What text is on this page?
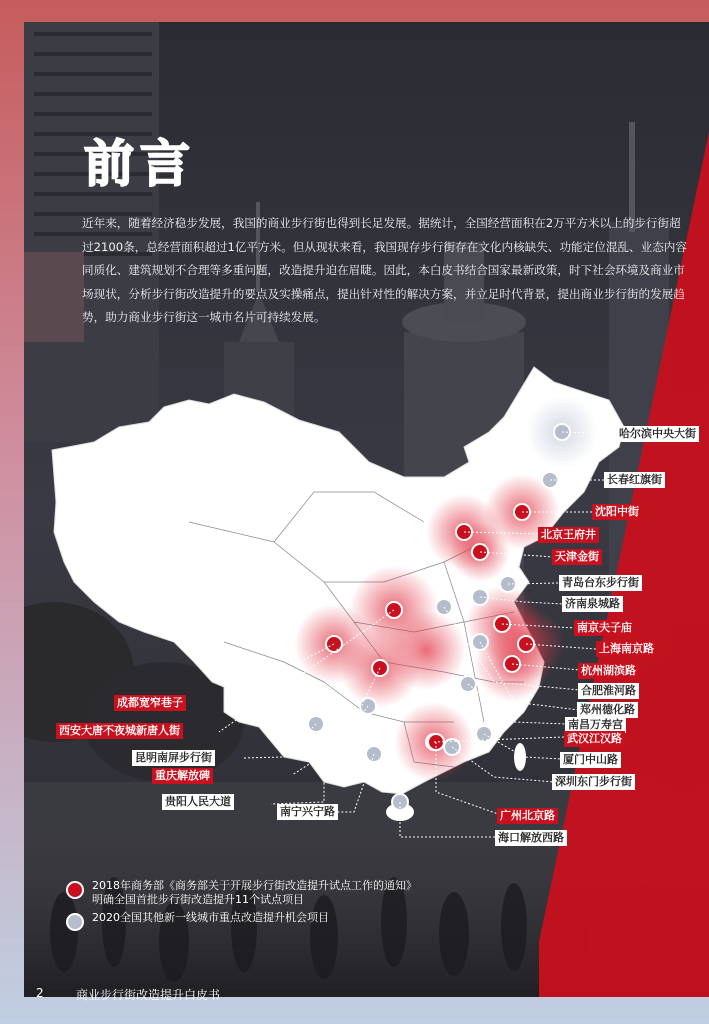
前言
近年来，随着经济稳步发展，我国的商业步行街也得到长足发展。据统计，全国经营面积在2万平方米以上的步行街超过2100条，总经营面积超过1亿平方米。但从现状来看，我国现存步行街存在文化内核缺失、功能定位混乱、业态内容同质化、建筑规划不合理等多重问题，改造提升迫在眉睫。因此，本白皮书结合国家最新政策，时下社会环境及商业市场现状，分析步行街改造提升的要点及实操痛点，提出针对性的解决方案，并立足时代背景，提出商业步行街的发展趋势，助力商业步行街这一城市名片可持续发展。
哈尔滨中央大街
长春红旗街
沈阳中街
北京王府井
天津金街
青岛台东步行街
济南泉城路
南京夫子庙
上海南京路
杭州湖滨路
合肥淮河路
郑州德化路
南昌万寿宫
武汉江汉路
厦门中山路
深圳东门步行街
广州北京路
海口解放西路
成都宽窄巷子
西安大唐不夜城新唐人街
昆明南屏步行街
重庆解放碑
贵阳人民大道
南宁兴宁路
2018年商务部《商务部关于开展步行街改造提升试点工作的通知》
明确全国首批步行街改造提升11个试点项目
2020全国其他新一线城市重点改造提升机会项目
2	商业步行街改造提升白皮书
